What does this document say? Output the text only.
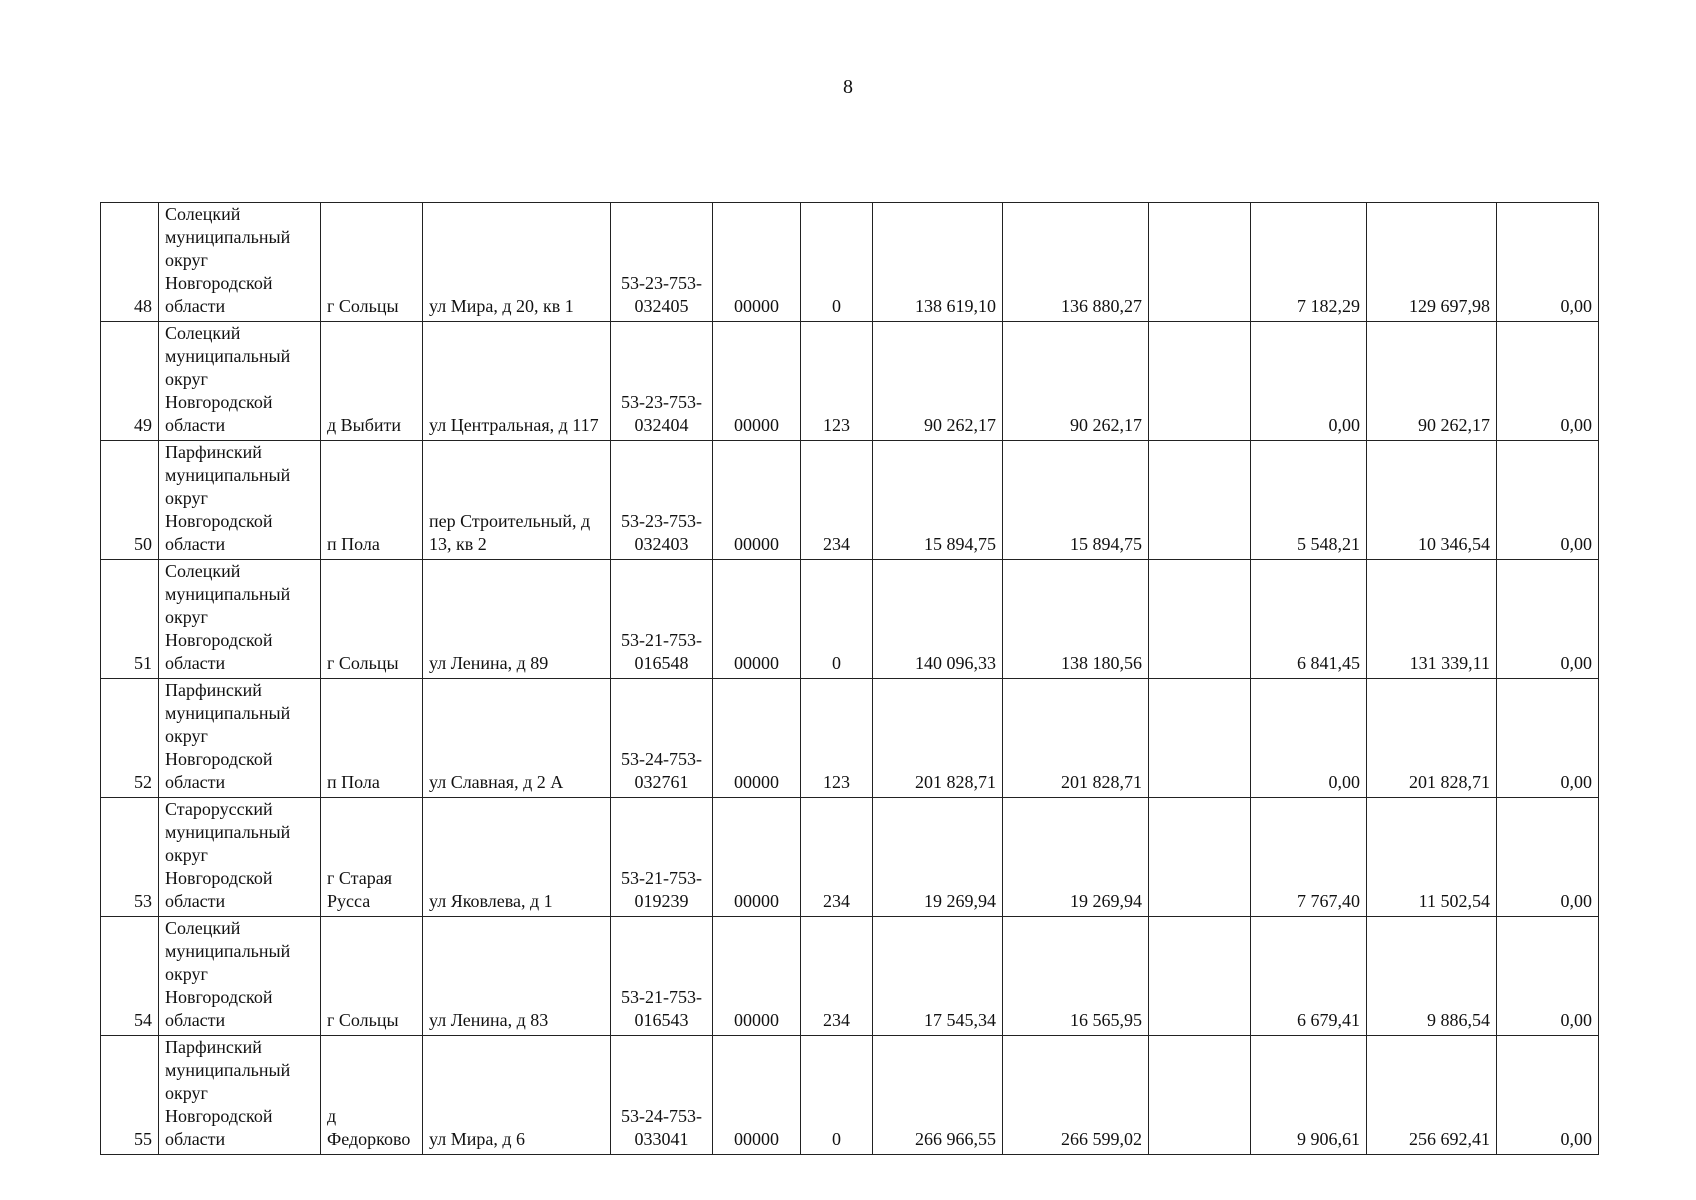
8
48	Солецкий муниципальный округ Новгородской области	г Сольцы	ул Мира, д 20, кв 1	53-23-753-032405	00000	0	138 619,10	136 880,27		7 182,29	129 697,98	0,00
49	Солецкий муниципальный округ Новгородской области	д Выбити	ул Центральная, д 117	53-23-753-032404	00000	123	90 262,17	90 262,17		0,00	90 262,17	0,00
50	Парфинский муниципальный округ Новгородской области	п Пола	пер Строительный, д 13, кв 2	53-23-753-032403	00000	234	15 894,75	15 894,75		5 548,21	10 346,54	0,00
51	Солецкий муниципальный округ Новгородской области	г Сольцы	ул Ленина, д 89	53-21-753-016548	00000	0	140 096,33	138 180,56		6 841,45	131 339,11	0,00
52	Парфинский муниципальный округ Новгородской области	п Пола	ул Славная, д 2 А	53-24-753-032761	00000	123	201 828,71	201 828,71		0,00	201 828,71	0,00
53	Старорусский муниципальный округ Новгородской области	г Старая Русса	ул Яковлева, д 1	53-21-753-019239	00000	234	19 269,94	19 269,94		7 767,40	11 502,54	0,00
54	Солецкий муниципальный округ Новгородской области	г Сольцы	ул Ленина, д 83	53-21-753-016543	00000	234	17 545,34	16 565,95		6 679,41	9 886,54	0,00
55	Парфинский муниципальный округ Новгородской области	д Федорково	ул Мира, д 6	53-24-753-033041	00000	0	266 966,55	266 599,02		9 906,61	256 692,41	0,00
